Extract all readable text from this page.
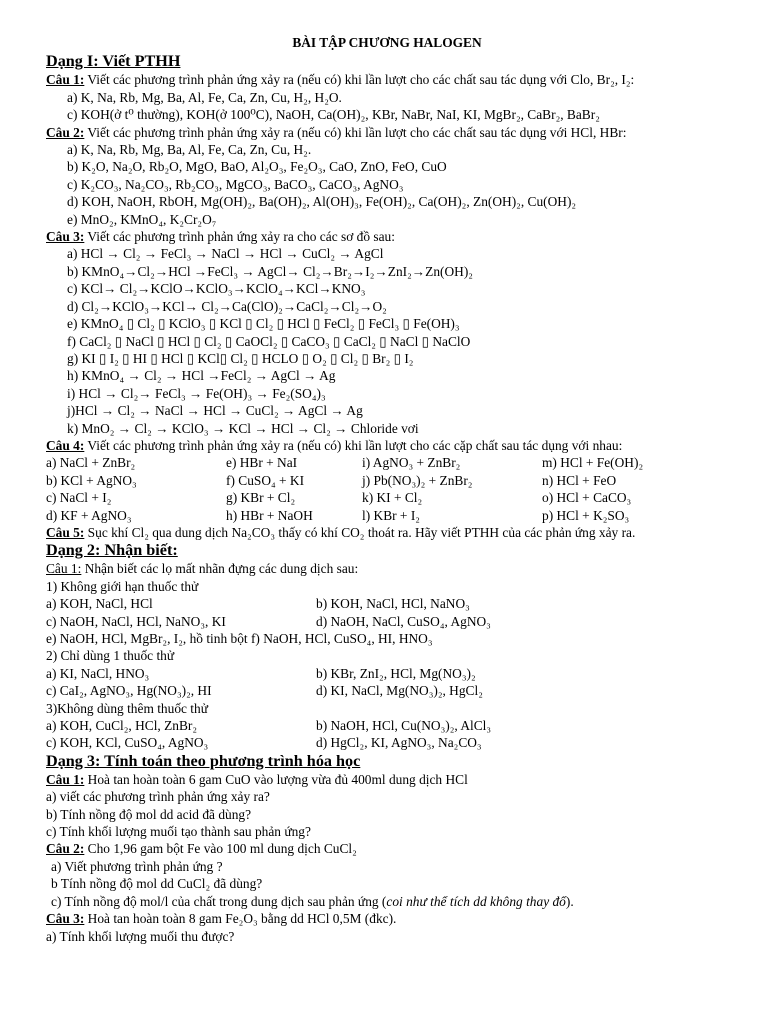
BÀI TẬP CHƯƠNG HALOGEN
Dạng I: Viết PTHH
Câu 1: Viết các phương trình phản ứng xảy ra (nếu có) khi lần lượt cho các chất sau tác dụng với Clo, Br₂, I₂:
a) K, Na, Rb, Mg, Ba, Al, Fe, Ca, Zn, Cu, H₂, H₂O.
c) KOH(ở t⁰ thường), KOH(ở 100⁰C), NaOH, Ca(OH)₂, KBr, NaBr, NaI, KI, MgBr₂, CaBr₂, BaBr₂
Câu 2: Viết các phương trình phản ứng xảy ra (nếu có) khi lần lượt cho các chất sau tác dụng với HCl, HBr:
a) K, Na, Rb, Mg, Ba, Al, Fe, Ca, Zn, Cu, H₂.
b) K₂O, Na₂O, Rb₂O, MgO, BaO, Al₂O₃, Fe₂O₃, CaO, ZnO, FeO, CuO
c) K₂CO₃, Na₂CO₃, Rb₂CO₃, MgCO₃, BaCO₃, CaCO₃, AgNO₃
d) KOH, NaOH, RbOH, Mg(OH)₂, Ba(OH)₂, Al(OH)₃, Fe(OH)₂, Ca(OH)₂, Zn(OH)₂, Cu(OH)₂
e) MnO₂, KMnO₄, K₂Cr₂O₇
Câu 3: Viết các phương trình phản ứng xảy ra cho các sơ đồ sau:
a) HCl → Cl₂ → FeCl₃ → NaCl → HCl → CuCl₂ → AgCl
b) KMnO₄→Cl₂→HCl →FeCl₃ → AgCl→ Cl₂→Br₂→I₂→ZnI₂→Zn(OH)₂
c) KCl→ Cl₂→KClO→KClO₃→KClO₄→KCl→KNO₃
d) Cl₂→KClO₃→KCl→ Cl₂→Ca(ClO)₂→CaCl₂→Cl₂→O₂
e) KMnO₄ ▯ Cl₂ ▯ KClO₃ ▯ KCl ▯ Cl₂ ▯ HCl ▯ FeCl₂ ▯ FeCl₃ ▯ Fe(OH)₃
f) CaCl₂ ▯ NaCl ▯ HCl ▯ Cl₂ ▯ CaOCl₂ ▯ CaCO₃ ▯ CaCl₂ ▯ NaCl ▯ NaClO
g) KI ▯ I₂ ▯ HI ▯ HCl ▯ KCl▯ Cl₂ ▯ HCLO ▯ O₂ ▯ Cl₂ ▯ Br₂ ▯ I₂
h) KMnO₄ → Cl₂ → HCl →FeCl₂ → AgCl → Ag
i) HCl → Cl₂→ FeCl₃ → Fe(OH)₃ → Fe₂(SO₄)₃
j)HCl → Cl₂ → NaCl → HCl → CuCl₂ → AgCl → Ag
k) MnO₂ → Cl₂ → KClO₃ → KCl → HCl → Cl₂ → Chloride vơi
Câu 4: Viết các phương trình phản ứng xảy ra (nếu có) khi lần lượt cho các cặp chất sau tác dụng với nhau:
a) NaCl + ZnBr₂	e) HBr + NaI	i) AgNO₃ + ZnBr₂	m) HCl + Fe(OH)₂
b) KCl + AgNO₃	f) CuSO₄ + KI	j) Pb(NO₃)₂ + ZnBr₂	n) HCl + FeO
c) NaCl + I₂	g) KBr + Cl₂	k) KI + Cl₂	o) HCl + CaCO₃
d) KF + AgNO₃	h) HBr + NaOH	l) KBr + I₂	p) HCl + K₂SO₃
Câu 5: Sục khí Cl₂ qua dung dịch Na₂CO₃ thấy có khí CO₂ thoát ra. Hãy viết PTHH của các phản ứng xảy ra.
Dạng 2: Nhận biết:
Câu 1: Nhận biết các lọ mất nhãn đựng các dung dịch sau:
1) Không giới hạn thuốc thử
a) KOH, NaCl, HCl	b) KOH, NaCl, HCl, NaNO₃
c) NaOH, NaCl, HCl, NaNO₃, KI	d) NaOH, NaCl, CuSO₄, AgNO₃
e) NaOH, HCl, MgBr₂, I₂, hồ tinh bột f) NaOH, HCl, CuSO₄, HI, HNO₃
2) Chỉ dùng 1 thuốc thử
a) KI, NaCl, HNO₃	b) KBr, ZnI₂, HCl, Mg(NO₃)₂
c) CaI₂, AgNO₃, Hg(NO₃)₂, HI	d) KI, NaCl, Mg(NO₃)₂, HgCl₂
3)Không dùng thêm thuốc thử
a) KOH, CuCl₂, HCl, ZnBr₂	b) NaOH, HCl, Cu(NO₃)₂, AlCl₃
c) KOH, KCl, CuSO₄, AgNO₃	d) HgCl₂, KI, AgNO₃, Na₂CO₃
Dạng 3: Tính toán theo phương trình hóa học
Câu 1: Hoà tan hoàn toàn 6 gam CuO vào lượng vừa đủ 400ml dung dịch HCl
a) viết các phương trình phản ứng xảy ra?
b) Tính nồng độ mol dd acid đã dùng?
c) Tính khối lượng muối tạo thành sau phản ứng?
Câu 2: Cho 1,96 gam bột Fe vào 100 ml dung dịch CuCl₂
a) Viết phương trình phản ứng ?
b Tính nồng độ mol dd CuCl₂ đã dùng?
c) Tính nồng độ mol/l của chất trong dung dịch sau phản ứng (coi như thể tích dd không thay đổ).
Câu 3: Hoà tan hoàn toàn 8 gam Fe₂O₃ bằng dd HCl 0,5M (đkc).
a) Tính khối lượng muối thu được?
